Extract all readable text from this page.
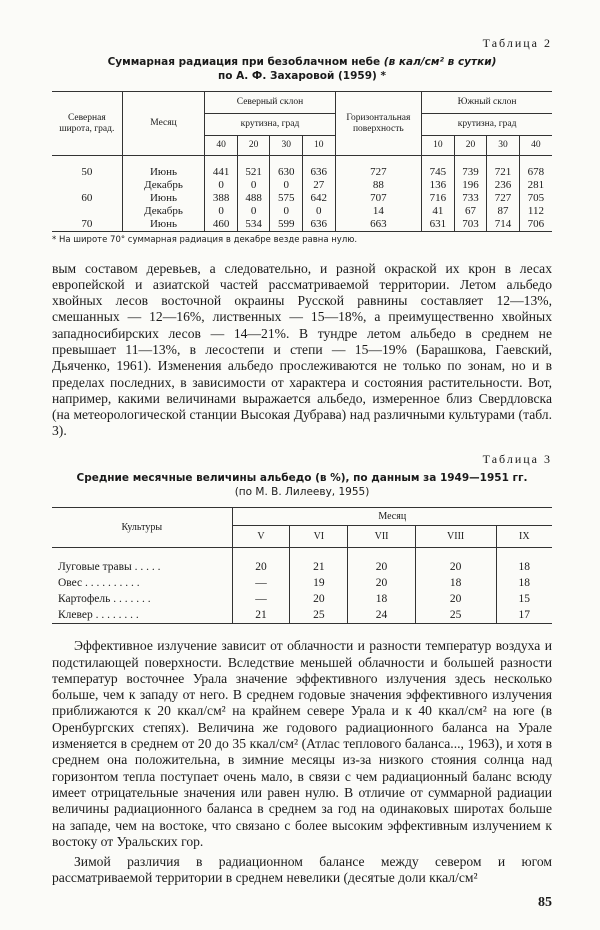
Таблица 2
Суммарная радиация при безоблачном небе (в кал/см² в сутки)
по А. Ф. Захаровой (1959) *
Северная широта, град.	Месяц	Северный склон				Горизонтальная поверхность	Южный склон			
		крутизна, град					крутизна, град			
		40	20	30	10		10	20	30	40

50	Июнь	441	521	630	636	727	745	739	721	678
	Декабрь	0	0	0	27	88	136	196	236	281
60	Июнь	388	488	575	642	707	716	733	727	705
	Декабрь	0	0	0	0	14	41	67	87	112
70	Июнь	460	534	599	636	663	631	703	714	706
* На широте 70° суммарная радиация в декабре везде равна нулю.

вым составом деревьев, а следовательно, и разной окраской их крон в лесах европейской и азиатской частей рассматриваемой территории. Летом альбедо хвойных лесов восточной окраины Русской равнины составляет 12—13%, смешанных — 12—16%, лиственных — 15—18%, а преимущественно хвойных западносибирских лесов — 14—21%. В тундре летом альбедо в среднем не превышает 11—13%, в лесостепи и степи — 15—19% (Барашкова, Гаевский, Дьяченко, 1961). Изменения альбедо прослеживаются не только по зонам, но и в пределах последних, в зависимости от характера и состояния растительности. Вот, например, какими величинами выражается альбедо, измеренное близ Свердловска (на метеорологической станции Высокая Дубрава) над различными культурами (табл. 3).

Таблица 3
Средние месячные величины альбедо (в %), по данным за 1949—1951 гг.
(по М. В. Лилееву, 1955)
Культуры	Месяц				
	V	VI	VII	VIII	IX

Луговые травы . . . . .	20	21	20	20	18
Овес . . . . . . . . . .	—	19	20	18	18
Картофель . . . . . . .	—	20	18	20	15
Клевер . . . . . . . .	21	25	24	25	17

Эффективное излучение зависит от облачности и разности температур воздуха и подстилающей поверхности. Вследствие меньшей облачности и большей разности температур восточнее Урала значение эффективного излучения здесь несколько больше, чем к западу от него. В среднем годовые значения эффективного излучения приближаются к 20 ккал/см² на крайнем севере Урала и к 40 ккал/см² на юге (в Оренбургских степях). Величина же годового радиационного баланса на Урале изменяется в среднем от 20 до 35 ккал/см² (Атлас теплового баланса..., 1963), и хотя в среднем она положительна, в зимние месяцы из-за низкого стояния солнца над горизонтом тепла поступает очень мало, в связи с чем радиационный баланс всюду имеет отрицательные значения или равен нулю. В отличие от суммарной радиации величины радиационного баланса в среднем за год на одинаковых широтах больше на западе, чем на востоке, что связано с более высоким эффективным излучением к востоку от Уральских гор.

Зимой различия в радиационном балансе между севером и югом рассматриваемой территории в среднем невелики (десятые доли ккал/см²

85
